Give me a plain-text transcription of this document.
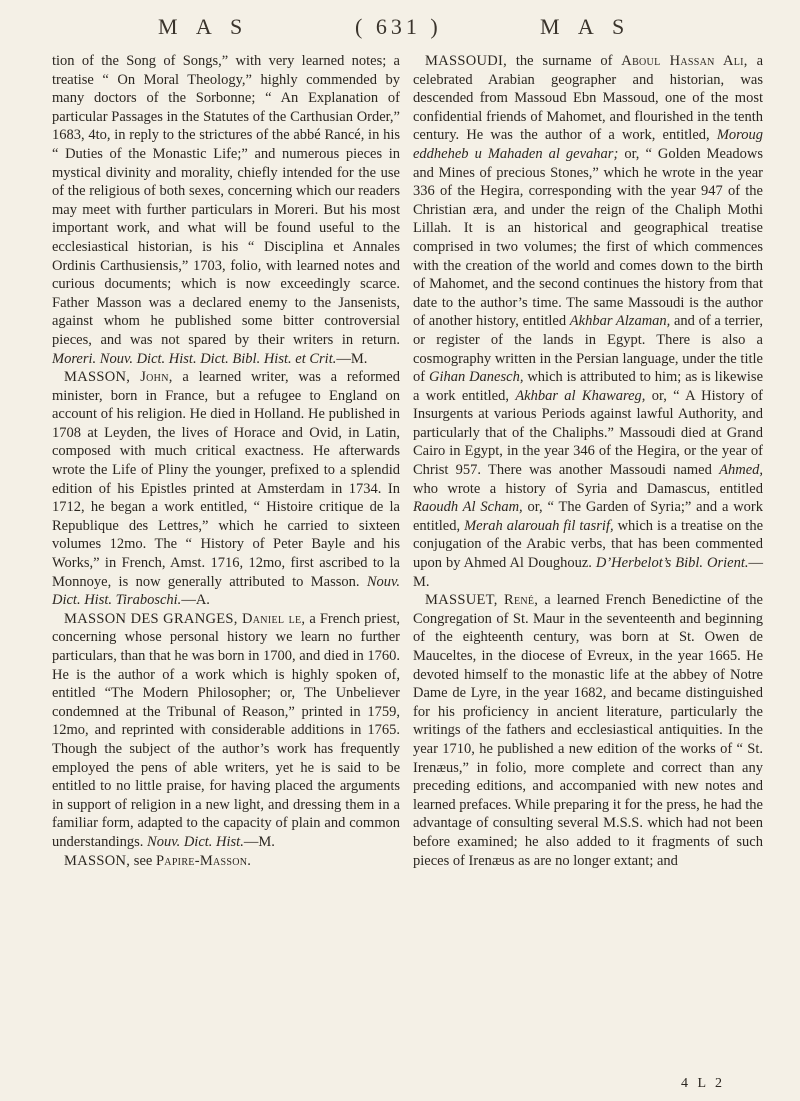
M A S	( 631 )	M A S

tion of the Song of Songs,” with very learned notes; a treatise “ On Moral Theology,” highly commended by many doctors of the Sorbonne; “ An Explanation of particular Passages in the Statutes of the Carthusian Order,” 1683, 4to, in reply to the strictures of the abbé Rancé, in his “ Duties of the Monastic Life;” and numerous pieces in mystical divinity and morality, chiefly intended for the use of the religious of both sexes, concerning which our readers may meet with further particulars in Moreri. But his most important work, and what will be found useful to the ecclesiastical historian, is his “ Disciplina et Annales Ordinis Carthusiensis,” 1703, folio, with learned notes and curious documents; which is now exceedingly scarce. Father Masson was a declared enemy to the Jansenists, against whom he published some bitter controversial pieces, and was not spared by their writers in return. Moreri. Nouv. Dict. Hist. Dict. Bibl. Hist. et Crit.—M.

MASSON, John, a learned writer, was a reformed minister, born in France, but a refugee to England on account of his religion. He died in Holland. He published in 1708 at Leyden, the lives of Horace and Ovid, in Latin, composed with much critical exactness. He afterwards wrote the Life of Pliny the younger, prefixed to a splendid edition of his Epistles printed at Amsterdam in 1734. In 1712, he began a work entitled, “ Histoire critique de la Republique des Lettres,” which he carried to sixteen volumes 12mo. The “ History of Peter Bayle and his Works,” in French, Amst. 1716, 12mo, first ascribed to la Monnoye, is now generally attributed to Masson. Nouv. Dict. Hist. Tiraboschi.—A.

MASSON DES GRANGES, Daniel le, a French priest, concerning whose personal history we learn no further particulars, than that he was born in 1700, and died in 1760. He is the author of a work which is highly spoken of, entitled “The Modern Philosopher; or, The Unbeliever condemned at the Tribunal of Reason,” printed in 1759, 12mo, and reprinted with considerable additions in 1765. Though the subject of the author’s work has frequently employed the pens of able writers, yet he is said to be entitled to no little praise, for having placed the arguments in support of religion in a new light, and dressing them in a familiar form, adapted to the capacity of plain and common understandings. Nouv. Dict. Hist.—M.

MASSON, see Papire-Masson.

MASSOUDI, the surname of Aboul Hassan Ali, a celebrated Arabian geographer and historian, was descended from Massoud Ebn Massoud, one of the most confidential friends of Mahomet, and flourished in the tenth century. He was the author of a work, entitled, Moroug eddheheb u Mahaden al gevahar; or, “ Golden Meadows and Mines of precious Stones,” which he wrote in the year 336 of the Hegira, corresponding with the year 947 of the Christian æra, and under the reign of the Chaliph Mothi Lillah. It is an historical and geographical treatise comprised in two volumes; the first of which commences with the creation of the world and comes down to the birth of Mahomet, and the second continues the history from that date to the author’s time. The same Massoudi is the author of another history, entitled Akhbar Alzaman, and of a terrier, or register of the lands in Egypt. There is also a cosmography written in the Persian language, under the title of Gihan Danesch, which is attributed to him; as is likewise a work entitled, Akhbar al Khawareg, or, “ A History of Insurgents at various Periods against lawful Authority, and particularly that of the Chaliphs.” Massoudi died at Grand Cairo in Egypt, in the year 346 of the Hegira, or the year of Christ 957. There was another Massoudi named Ahmed, who wrote a history of Syria and Damascus, entitled Raoudh Al Scham, or, “ The Garden of Syria;” and a work entitled, Merah alarouah fil tasrif, which is a treatise on the conjugation of the Arabic verbs, that has been commented upon by Ahmed Al Doughouz. D’Herbelot’s Bibl. Orient.—M.

MASSUET, René, a learned French Benedictine of the Congregation of St. Maur in the seventeenth and beginning of the eighteenth century, was born at St. Owen de Mauceltes, in the diocese of Evreux, in the year 1665. He devoted himself to the monastic life at the abbey of Notre Dame de Lyre, in the year 1682, and became distinguished for his proficiency in ancient literature, particularly the writings of the fathers and ecclesiastical antiquities. In the year 1710, he published a new edition of the works of “ St. Irenæus,” in folio, more complete and correct than any preceding editions, and accompanied with new notes and learned prefaces. While preparing it for the press, he had the advantage of consulting several M.S.S. which had not been before examined; he also added to it fragments of such pieces of Irenæus as are no longer extant; and

4 L 2
